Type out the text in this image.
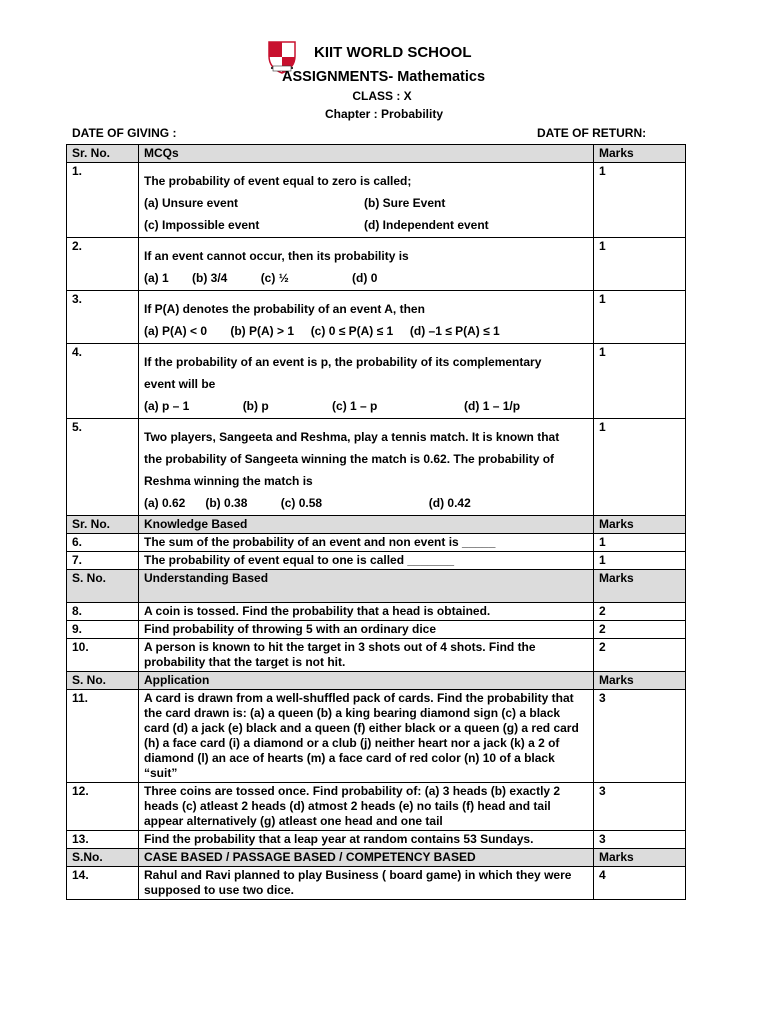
KIIT WORLD SCHOOL
ASSIGNMENTS- Mathematics
CLASS : X
Chapter : Probability
DATE OF GIVING :	DATE OF RETURN:
Sr. No.	MCQs	Marks
1.	The probability of event equal to zero is called;
(a) Unsure event (b) Sure Event
(c) Impossible event (d) Independent event	1
2.	If an event cannot occur, then its probability is
(a) 1       (b) 3/4          (c) ½                   (d) 0	1
3.	If P(A) denotes the probability of an event A, then
(a) P(A) < 0       (b) P(A) > 1     (c) 0 ≤ P(A) ≤ 1     (d) –1 ≤ P(A) ≤ 1	1
4.	If the probability of an event is p, the probability of its complementary
event will be
(a) p – 1                (b) p                   (c) 1 – p                          (d) 1 – 1/p	1
5.	Two players, Sangeeta and Reshma, play a tennis match. It is known that
the probability of Sangeeta winning the match is 0.62. The probability of
Reshma winning the match is
(a) 0.62      (b) 0.38          (c) 0.58                                (d) 0.42	1
Sr. No.	Knowledge Based	Marks
6.	The sum of the probability of an event and non event is _____	1
7.	The probability of event equal to one is called _______	1
S. No.	Understanding Based	Marks
8.	A coin is tossed. Find the probability that a head is obtained.	2
9.	Find probability of throwing 5 with an ordinary dice	2
10.	A person is known to hit the target in 3 shots out of 4 shots. Find the probability that the target is not hit.	2
S. No.	Application	Marks
11.	A card is drawn from a well-shuffled pack of cards. Find the probability that the card drawn is: (a) a queen (b) a king bearing diamond sign (c) a black card (d) a jack (e) black and a queen (f) either black or a queen (g) a red card (h) a face card (i) a diamond or a club (j) neither heart nor a jack (k) a 2 of diamond (l) an ace of hearts (m) a face card of red color (n) 10 of a black “suit”	3
12.	Three coins are tossed once. Find probability of: (a) 3 heads (b) exactly 2 heads (c) atleast 2 heads (d) atmost 2 heads (e) no tails (f) head and tail appear alternatively (g) atleast one head and one tail	3
13.	Find the probability that a leap year at random contains 53 Sundays.	3
S.No.	CASE BASED / PASSAGE BASED / COMPETENCY BASED	Marks
14.	Rahul and Ravi planned to play Business ( board game) in which they were supposed to use two dice.	4
